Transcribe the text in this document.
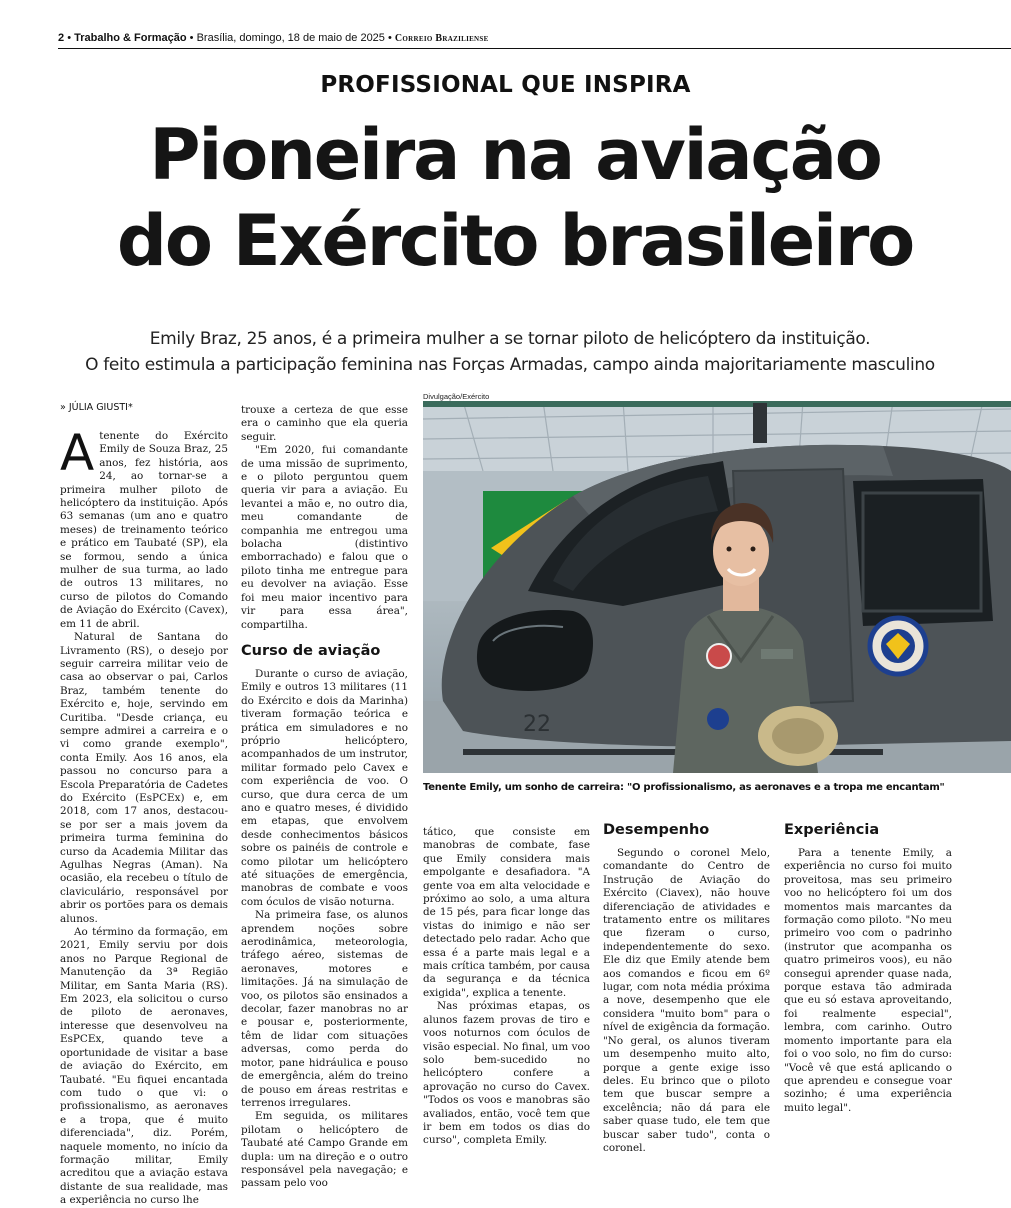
2 • Trabalho & Formação • Brasília, domingo, 18 de maio de 2025 • Correio Braziliense
PROFISSIONAL QUE INSPIRA
Pioneira na aviação
do Exército brasileiro
Emily Braz, 25 anos, é a primeira mulher a se tornar piloto de helicóptero da instituição.
O feito estimula a participação feminina nas Forças Armadas, campo ainda majoritariamente masculino
» JÚLIA GIUSTI*

Atenente do Exército Emily de Souza Braz, 25 anos, fez história, aos 24, ao tornar-se a primeira mulher piloto de helicóptero da instituição. Após 63 semanas (um ano e quatro meses) de treinamento teórico e prático em Taubaté (SP), ela se formou, sendo a única mulher de sua turma, ao lado de outros 13 militares, no curso de pilotos do Comando de Aviação do Exército (Cavex), em 11 de abril.

Natural de Santana do Livramento (RS), o desejo por seguir carreira militar veio de casa ao observar o pai, Carlos Braz, também tenente do Exército e, hoje, servindo em Curitiba. "Desde criança, eu sempre admirei a carreira e o vi como grande exemplo", conta Emily. Aos 16 anos, ela passou no concurso para a Escola Preparatória de Cadetes do Exército (EsPCEx) e, em 2018, com 17 anos, destacou-se por ser a mais jovem da primeira turma feminina do curso da Academia Militar das Agulhas Negras (Aman). Na ocasião, ela recebeu o título de claviculário, responsável por abrir os portões para os demais alunos.

Ao término da formação, em 2021, Emily serviu por dois anos no Parque Regional de Manutenção da 3ª Região Militar, em Santa Maria (RS). Em 2023, ela solicitou o curso de piloto de aeronaves, interesse que desenvolveu na EsPCEx, quando teve a oportunidade de visitar a base de aviação do Exército, em Taubaté. "Eu fiquei encantada com tudo o que vi: o profissionalismo, as aeronaves e a tropa, que é muito diferenciada", diz. Porém, naquele momento, no início da formação militar, Emily acreditou que a aviação estava distante de sua realidade, mas a experiência no curso lhe

trouxe a certeza de que esse era o caminho que ela queria seguir.

"Em 2020, fui comandante de uma missão de suprimento, e o piloto perguntou quem queria vir para a aviação. Eu levantei a mão e, no outro dia, meu comandante de companhia me entregou uma bolacha (distintivo emborrachado) e falou que o piloto tinha me entregue para eu devolver na aviação. Esse foi meu maior incentivo para vir para essa área", compartilha.

Curso de aviação

Durante o curso de aviação, Emily e outros 13 militares (11 do Exército e dois da Marinha) tiveram formação teórica e prática em simuladores e no próprio helicóptero, acompanhados de um instrutor, militar formado pelo Cavex e com experiência de voo. O curso, que dura cerca de um ano e quatro meses, é dividido em etapas, que envolvem desde conhecimentos básicos sobre os painéis de controle e como pilotar um helicóptero até situações de emergência, manobras de combate e voos com óculos de visão noturna.

Na primeira fase, os alunos aprendem noções sobre aerodinâmica, meteorologia, tráfego aéreo, sistemas de aeronaves, motores e limitações. Já na simulação de voo, os pilotos são ensinados a decolar, fazer manobras no ar e pousar e, posteriormente, têm de lidar com situações adversas, como perda do motor, pane hidráulica e pouso de emergência, além do treino de pouso em áreas restritas e terrenos irregulares.

Em seguida, os militares pilotam o helicóptero de Taubaté até Campo Grande em dupla: um na direção e o outro responsável pela navegação; e passam pelo voo

Divulgação/Exército
22
Tenente Emily, um sonho de carreira: "O profissionalismo, as aeronaves e a tropa me encantam"

tático, que consiste em manobras de combate, fase que Emily considera mais empolgante e desafiadora. "A gente voa em alta velocidade e próximo ao solo, a uma altura de 15 pés, para ficar longe das vistas do inimigo e não ser detectado pelo radar. Acho que essa é a parte mais legal e a mais crítica também, por causa da segurança e da técnica exigida", explica a tenente.

Nas próximas etapas, os alunos fazem provas de tiro e voos noturnos com óculos de visão especial. No final, um voo solo bem-sucedido no helicóptero confere a aprovação no curso do Cavex. "Todos os voos e manobras são avaliados, então, você tem que ir bem em todos os dias do curso", completa Emily.

Desempenho

Segundo o coronel Melo, comandante do Centro de Instrução de Aviação do Exército (Ciavex), não houve diferenciação de atividades e tratamento entre os militares que fizeram o curso, independentemente do sexo. Ele diz que Emily atende bem aos comandos e ficou em 6º lugar, com nota média próxima a nove, desempenho que ele considera "muito bom" para o nível de exigência da formação. "No geral, os alunos tiveram um desempenho muito alto, porque a gente exige isso deles. Eu brinco que o piloto tem que buscar sempre a excelência; não dá para ele saber quase tudo, ele tem que buscar saber tudo", conta o coronel.

Experiência

Para a tenente Emily, a experiência no curso foi muito proveitosa, mas seu primeiro voo no helicóptero foi um dos momentos mais marcantes da formação como piloto. "No meu primeiro voo com o padrinho (instrutor que acompanha os quatro primeiros voos), eu não consegui aprender quase nada, porque estava tão admirada que eu só estava aproveitando, foi realmente especial", lembra, com carinho. Outro momento importante para ela foi o voo solo, no fim do curso: "Você vê que está aplicando o que aprendeu e consegue voar sozinho; é uma experiência muito legal".
